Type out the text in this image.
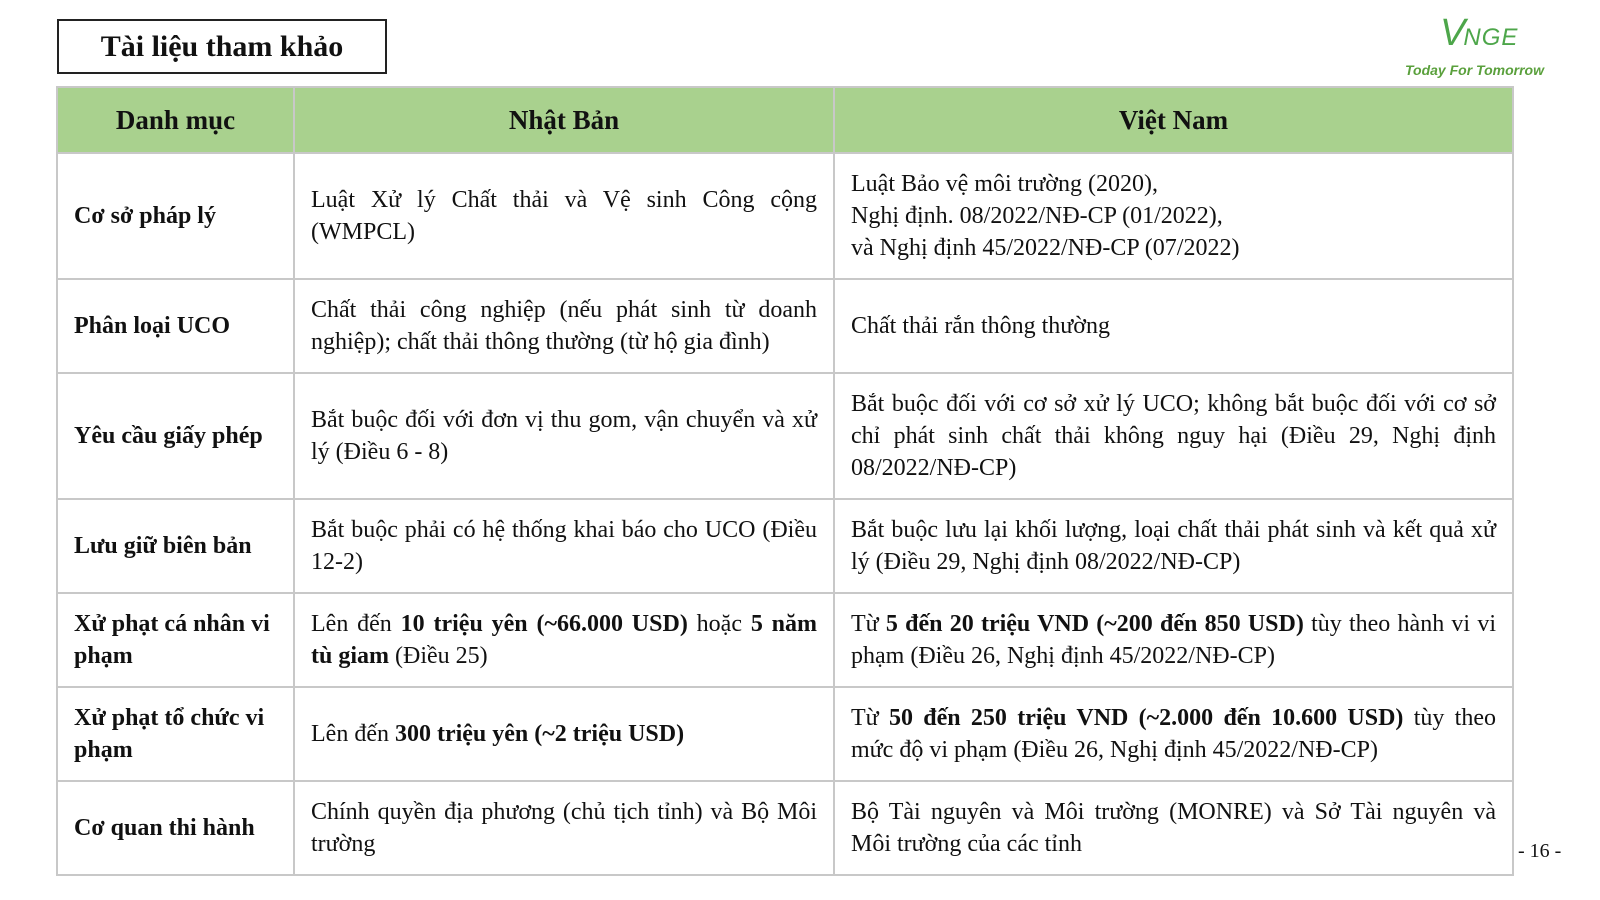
Tài liệu tham khảo	VNGE
Today For Tomorrow
Danh mục	Nhật Bản	Việt Nam
Cơ sở pháp lý	Luật Xử lý Chất thải và Vệ sinh Công cộng (WMPCL)	Luật Bảo vệ môi trường (2020),
Nghị định. 08/2022/NĐ-CP (01/2022),
và Nghị định 45/2022/NĐ-CP (07/2022)
Phân loại UCO	Chất thải công nghiệp (nếu phát sinh từ doanh nghiệp); chất thải thông thường (từ hộ gia đình)	Chất thải rắn thông thường
Yêu cầu giấy phép	Bắt buộc đối với đơn vị thu gom, vận chuyển và xử lý (Điều 6 - 8)	Bắt buộc đối với cơ sở xử lý UCO; không bắt buộc đối với cơ sở chỉ phát sinh chất thải không nguy hại (Điều 29, Nghị định 08/2022/NĐ-CP)
Lưu giữ biên bản	Bắt buộc phải có hệ thống khai báo cho UCO (Điều 12-2)	Bắt buộc lưu lại khối lượng, loại chất thải phát sinh và kết quả xử lý (Điều 29, Nghị định 08/2022/NĐ-CP)
Xử phạt cá nhân vi phạm	Lên đến 10 triệu yên (~66.000 USD) hoặc 5 năm tù giam (Điều 25)	Từ 5 đến 20 triệu VND (~200 đến 850 USD) tùy theo hành vi vi phạm (Điều 26, Nghị định 45/2022/NĐ-CP)
Xử phạt tổ chức vi phạm	Lên đến 300 triệu yên (~2 triệu USD)	Từ 50 đến 250 triệu VND (~2.000 đến 10.600 USD) tùy theo mức độ vi phạm (Điều 26, Nghị định 45/2022/NĐ-CP)
Cơ quan thi hành	Chính quyền địa phương (chủ tịch tỉnh) và Bộ Môi trường	Bộ Tài nguyên và Môi trường (MONRE) và Sở Tài nguyên và Môi trường của các tỉnh	- 16 -
